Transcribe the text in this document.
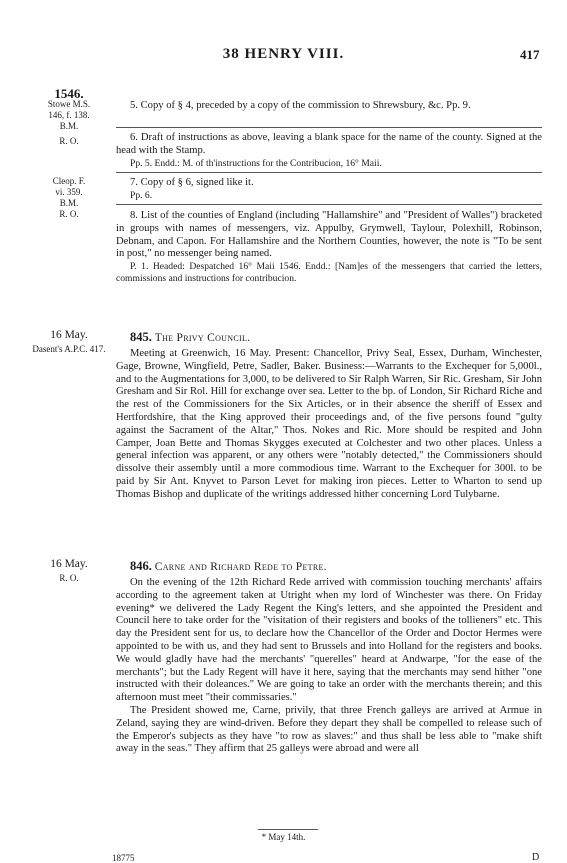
38 HENRY VIII.	417
1546.
Stowe M.S.
146, f. 138.
B.M.
R. O.
Cleop. F.
vi. 359.
B.M.
R. O.
16 May.
Dasent's A.P.C. 417.
16 May.
R. O.

5. Copy of § 4, preceded by a copy of the commission to Shrewsbury, &c. Pp. 9.

6. Draft of instructions as above, leaving a blank space for the name of the county. Signed at the head with the Stamp.

Pp. 5. Endd.: M. of th'instructions for the Contribucion, 16° Maii.

7. Copy of § 6, signed like it.

Pp. 6.

8. List of the counties of England (including "Hallamshire" and "President of Walles") bracketed in groups with names of messengers, viz. Appulby, Grymwell, Taylour, Polexhill, Robinson, Debnam, and Capon. For Hallamshire and the Northern Counties, however, the note is "To be sent in post," no messenger being named.

P. 1. Headed: Despatched 16° Maii 1546. Endd.: [Nam]es of the messengers that carried the letters, commissions and instructions for contribucion.

845. The Privy Council.

Meeting at Greenwich, 16 May. Present: Chancellor, Privy Seal, Essex, Durham, Winchester, Gage, Browne, Wingfield, Petre, Sadler, Baker. Business:—Warrants to the Exchequer for 5,000l., and to the Augmentations for 3,000, to be delivered to Sir Ralph Warren, Sir Ric. Gresham, Sir John Gresham and Sir Rol. Hill for exchange over sea. Letter to the bp. of London, Sir Richard Riche and the rest of the Commissioners for the Six Articles, or in their absence the sheriff of Essex and Hertfordshire, that the King approved their proceedings and, of the five persons found "gulty against the Sacrament of the Altar," Thos. Nokes and Ric. More should be respited and John Camper, Joan Bette and Thomas Skygges executed at Colchester and two other places. Unless a general infection was apparent, or any others were "notably detected," the Commissioners should dissolve their assembly until a more commodious time. Warrant to the Exchequer for 300l. to be paid by Sir Ant. Knyvet to Parson Levet for making iron pieces. Letter to Wharton to send up Thomas Bishop and duplicate of the writings addressed hither concerning Lord Tulybarne.

846. Carne and Richard Rede to Petre.

On the evening of the 12th Richard Rede arrived with commission touching merchants' affairs according to the agreement taken at Utright when my lord of Winchester was there. On Friday evening* we delivered the Lady Regent the King's letters, and she appointed the President and Council here to take order for the "visitation of their registers and books of the tollieners" etc. This day the President sent for us, to declare how the Chancellor of the Order and Doctor Hermes were appointed to be with us, and they had sent to Brussels and into Holland for the registers and books. We would gladly have had the merchants' "querelles" heard at Andwarpe, "for the ease of the merchants"; but the Lady Regent will have it here, saying that the merchants may send hither "one instructed with their doleances." We are going to take an order with the merchants therein; and this afternoon must meet "their commissaries."

The President showed me, Carne, privily, that three French galleys are arrived at Armue in Zeland, saying they are wind-driven. Before they depart they shall be compelled to release such of the Emperor's subjects as they have "to row as slaves:" and thus shall be less able to "make shift away in the seas." They affirm that 25 galleys were abroad and were all

* May 14th.
18775	D
